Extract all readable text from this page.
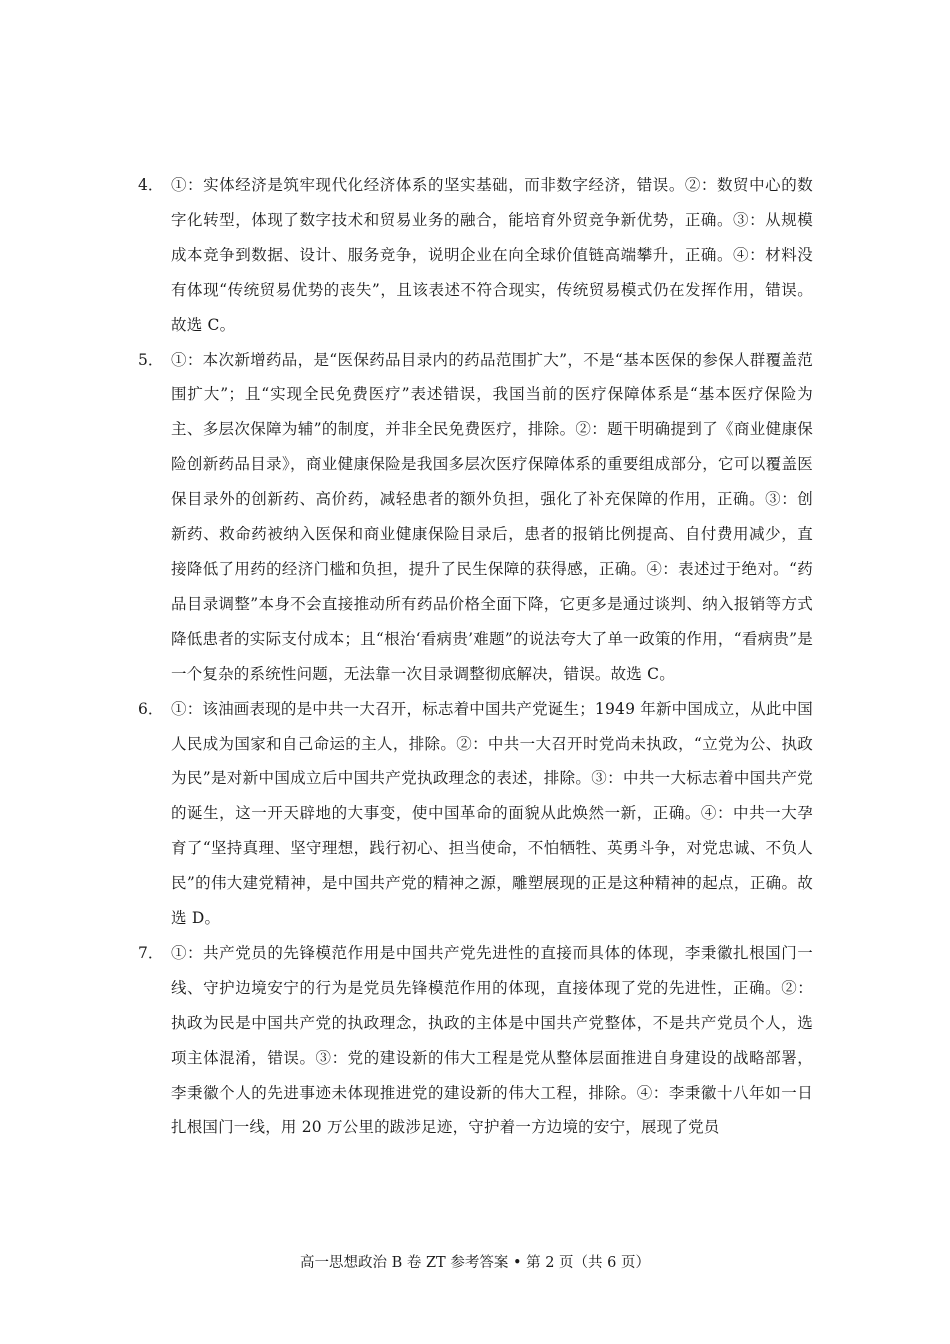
4． ①：实体经济是筑牢现代化经济体系的坚实基础，而非数字经济，错误。②：数贸中心的数字化转型，体现了数字技术和贸易业务的融合，能培育外贸竞争新优势，正确。③：从规模成本竞争到数据、设计、服务竞争，说明企业在向全球价值链高端攀升，正确。④：材料没有体现“传统贸易优势的丧失”，且该表述不符合现实，传统贸易模式仍在发挥作用，错误。故选 C。
5． ①：本次新增药品，是“医保药品目录内的药品范围扩大”，不是“基本医保的参保人群覆盖范围扩大”；且“实现全民免费医疗”表述错误，我国当前的医疗保障体系是“基本医疗保险为主、多层次保障为辅”的制度，并非全民免费医疗，排除。②：题干明确提到了《商业健康保险创新药品目录》，商业健康保险是我国多层次医疗保障体系的重要组成部分，它可以覆盖医保目录外的创新药、高价药，减轻患者的额外负担，强化了补充保障的作用，正确。③：创新药、救命药被纳入医保和商业健康保险目录后，患者的报销比例提高、自付费用减少，直接降低了用药的经济门槛和负担，提升了民生保障的获得感，正确。④：表述过于绝对。“药品目录调整”本身不会直接推动所有药品价格全面下降，它更多是通过谈判、纳入报销等方式降低患者的实际支付成本；且“根治‘看病贵’难题”的说法夸大了单一政策的作用，“看病贵”是一个复杂的系统性问题，无法靠一次目录调整彻底解决，错误。故选 C。
6． ①：该油画表现的是中共一大召开，标志着中国共产党诞生；1949 年新中国成立，从此中国人民成为国家和自己命运的主人，排除。②：中共一大召开时党尚未执政，“立党为公、执政为民”是对新中国成立后中国共产党执政理念的表述，排除。③：中共一大标志着中国共产党的诞生，这一开天辟地的大事变，使中国革命的面貌从此焕然一新，正确。④：中共一大孕育了“坚持真理、坚守理想，践行初心、担当使命，不怕牺牲、英勇斗争，对党忠诚、不负人民”的伟大建党精神，是中国共产党的精神之源，雕塑展现的正是这种精神的起点，正确。故选 D。
7． ①：共产党员的先锋模范作用是中国共产党先进性的直接而具体的体现，李秉徽扎根国门一线、守护边境安宁的行为是党员先锋模范作用的体现，直接体现了党的先进性，正确。②：执政为民是中国共产党的执政理念，执政的主体是中国共产党整体，不是共产党员个人，选项主体混淆，错误。③：党的建设新的伟大工程是党从整体层面推进自身建设的战略部署，李秉徽个人的先进事迹未体现推进党的建设新的伟大工程，排除。④：李秉徽十八年如一日扎根国门一线，用 20 万公里的跋涉足迹，守护着一方边境的安宁，展现了党员
高一思想政治 B 卷 ZT 参考答案 • 第 2 页（共 6 页）
